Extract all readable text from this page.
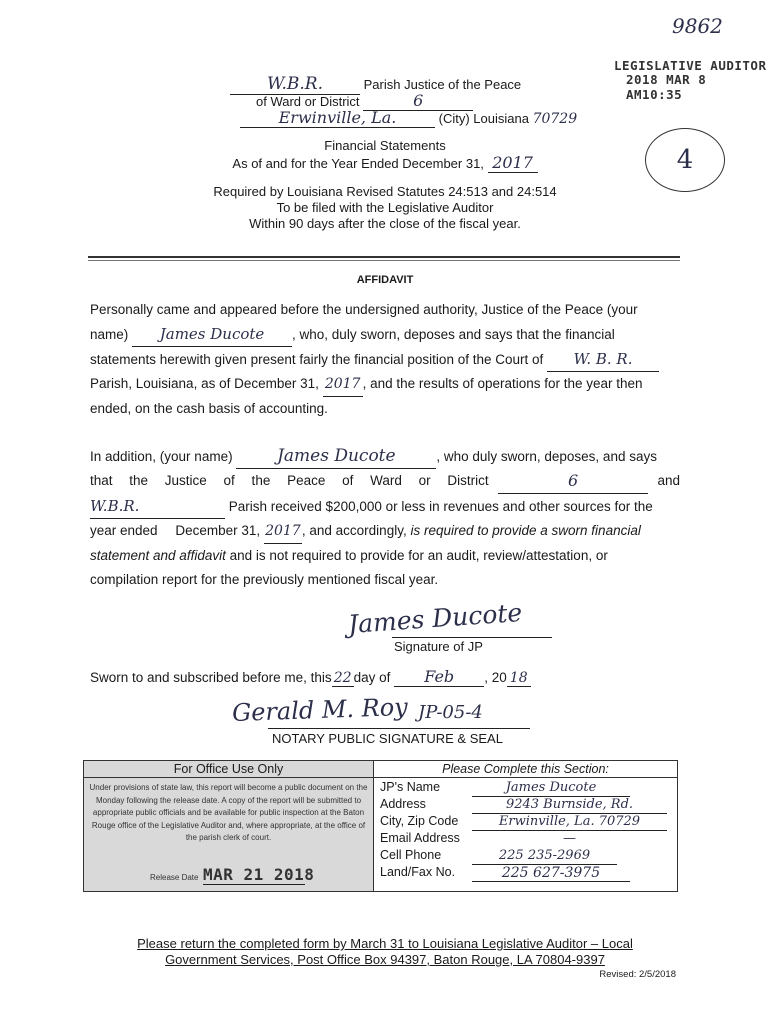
9862
LEGISLATIVE AUDITOR
2018 MAR 8 AM10:35
4
W.B.R.	Parish Justice of the Peace
of Ward or District	6
Erwinville, La.	(City) Louisiana 70729
Financial Statements
As of and for the Year Ended December 31, 2017
Required by Louisiana Revised Statutes 24:513 and 24:514
To be filed with the Legislative Auditor
Within 90 days after the close of the fiscal year.
AFFIDAVIT
Personally came and appeared before the undersigned authority, Justice of the Peace (your
name) James Ducote , who, duly sworn, deposes and says that the financial
statements herewith given present fairly the financial position of the Court of W. B. R.
Parish, Louisiana, as of December 31, 2017 , and the results of operations for the year then
ended, on the cash basis of accounting.
In addition, (your name)	James Ducote	, who duly sworn, deposes, and says
that the Justice of the Peace of Ward or District	6	and
W.B.R.	Parish received $200,000 or less in revenues and other sources for the
year ended December 31, 2017, and accordingly, is required to provide a sworn financial
statement and affidavit and is not required to provide for an audit, review/attestation, or
compilation report for the previously mentioned fiscal year.
James Ducote
Signature of JP
Sworn to and subscribed before me, this 22 day of Feb , 20 18
Gerald M. Roy JP-05-4
NOTARY PUBLIC SIGNATURE & SEAL
For Office Use Only
Under provisions of state law, this report will become a public document on the Monday following the release date. A copy of the report will be submitted to appropriate public officials and be available for public inspection at the Baton Rouge office of the Legislative Auditor and, where appropriate, at the office of the parish clerk of court.
Release Date MAR 21 2018
Please Complete this Section:
JP's Name	James Ducote
Address	9243 Burnside, Rd.
City, Zip Code	Erwinville, La. 70729
Email Address	—
Cell Phone	225 235-2969
Land/Fax No.	225 627-3975
Please return the completed form by March 31 to Louisiana Legislative Auditor – Local
Government Services, Post Office Box 94397, Baton Rouge, LA 70804-9397
Revised: 2/5/2018
